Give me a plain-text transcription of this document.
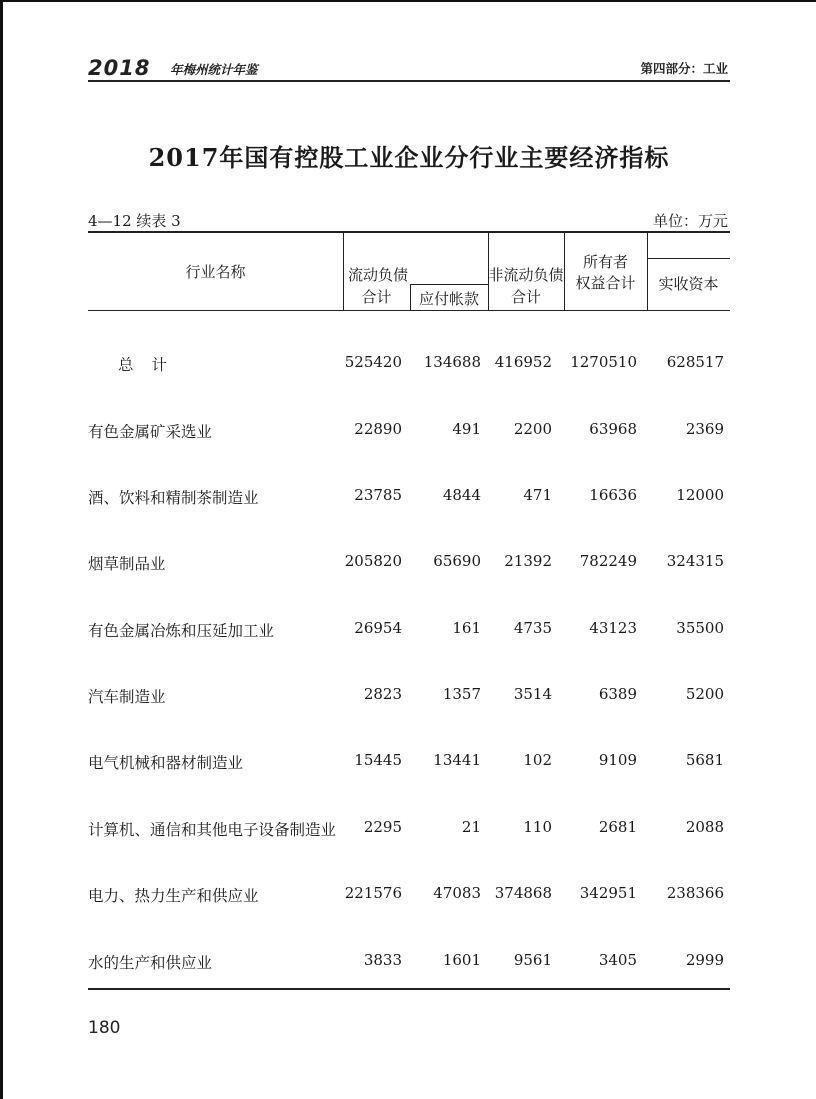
2018 年梅州统计年鉴	第四部分：工业
2017年国有控股工业企业分行业主要经济指标
4—12 续表 3	单位：万元
行业名称	流动负债
合计	应付帐款
非流动负债
合计
所有者
权益合计	实收资本
总计	525420 134688 416952 1270510 628517
有色金属矿采选业	22890	491 2200 63968	2369
酒、饮料和精制茶制造业	23785	4844	471 16636	12000
烟草制品业	205820 65690 21392 782249 324315
有色金属冶炼和压延加工业	26954	161 4735 43123	35500
汽车制造业	2823	1357 3514	6389	5200
电气机械和器材制造业	15445 13441	102	9109	5681
计算机、通信和其他电子设备制造业 2295	21	110	2681	2088
电力、热力生产和供应业	221576 47083 374868 342951 238366
水的生产和供应业	3833	1601 9561	3405	2999
180
